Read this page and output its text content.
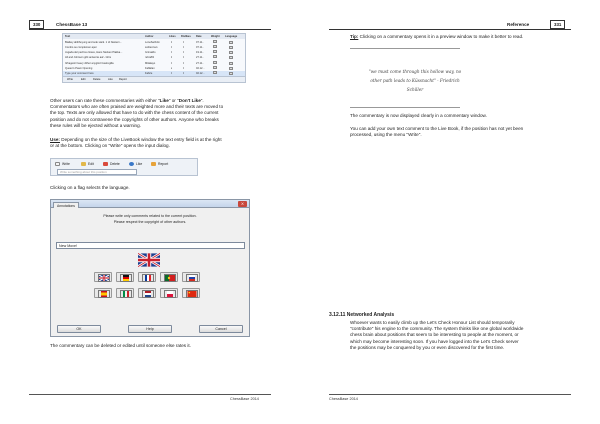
330	ChessBase 13
Text	Author	Likes	Dislikes	Date	Weight	Language
Białkey ablitheyung and sole stark. 1 of Nestern...	LoneSarhdm	1	0	07.11...
Combo se complemen apei	subtenrsvs	0	0	07.11...
Jugada del pechos closes, Hans Nielsen Plakka...	Grimaldo	0	0	19.11...
All and Johnson gibt antworte aaf - Ghis	rehra83	1	0	27.11...
Itrhagestr heavy dither anyglod Castregilla	Milakayo	0	0	27.11...
Queen's Pawn Opening	FabElan	2	0	02.12...
Type your comment here	Fabrie	0	0	02.12...
Write	Edit	Delete	Like Report
Other users can rate these commentaries with either "Like" or "Don't Like".
Commentators who are often praised are weighted more and their texts are moved to
the top. Texts are only allowed that have to do with the chess content of the current
position and do not contravene the copyrights of other authors. Anyone who breaks
these rules will be ejected without a warning.
Use: Depending on the size of the LiveBook window the text entry field is at the right
or at the bottom. Clicking on "Write" opens the input dialog.
Write	Edit	Delete	Like	Report
Write something about this position
Clicking on a flag selects the language.
Annotations	X
Please write only comments related to the current position.
Please respect the copyright of other authors.
New Move!
OK	Help	Cancel
The commentary can be deleted or edited until someone else rates it.
ChessBase 2014
Reference	331
Tip: Clicking on a commentary opens it in a preview window to make it better to read.
"we must come through this hollow way, no
other path leads to Küssnacht" - Friedrich
Schiller
The commentary is now displayed clearly in a commentary window.
You can add your own text comment to the Live Book, if the position has not yet been
processed, using the menu "Write".
3.12.11 Networked Analysis
Whoever wants to easily climb up the Let's Check Honour List should temporarily
"contribute" his engine to the community. The system thinks like one global worldwide
chess brain about positions that seem to be interesting to people at the moment, or
which may become interesting soon. If you have logged into the Let's Check server
the positions may be conquered by you or even discovered for the first time.
ChessBase 2014
